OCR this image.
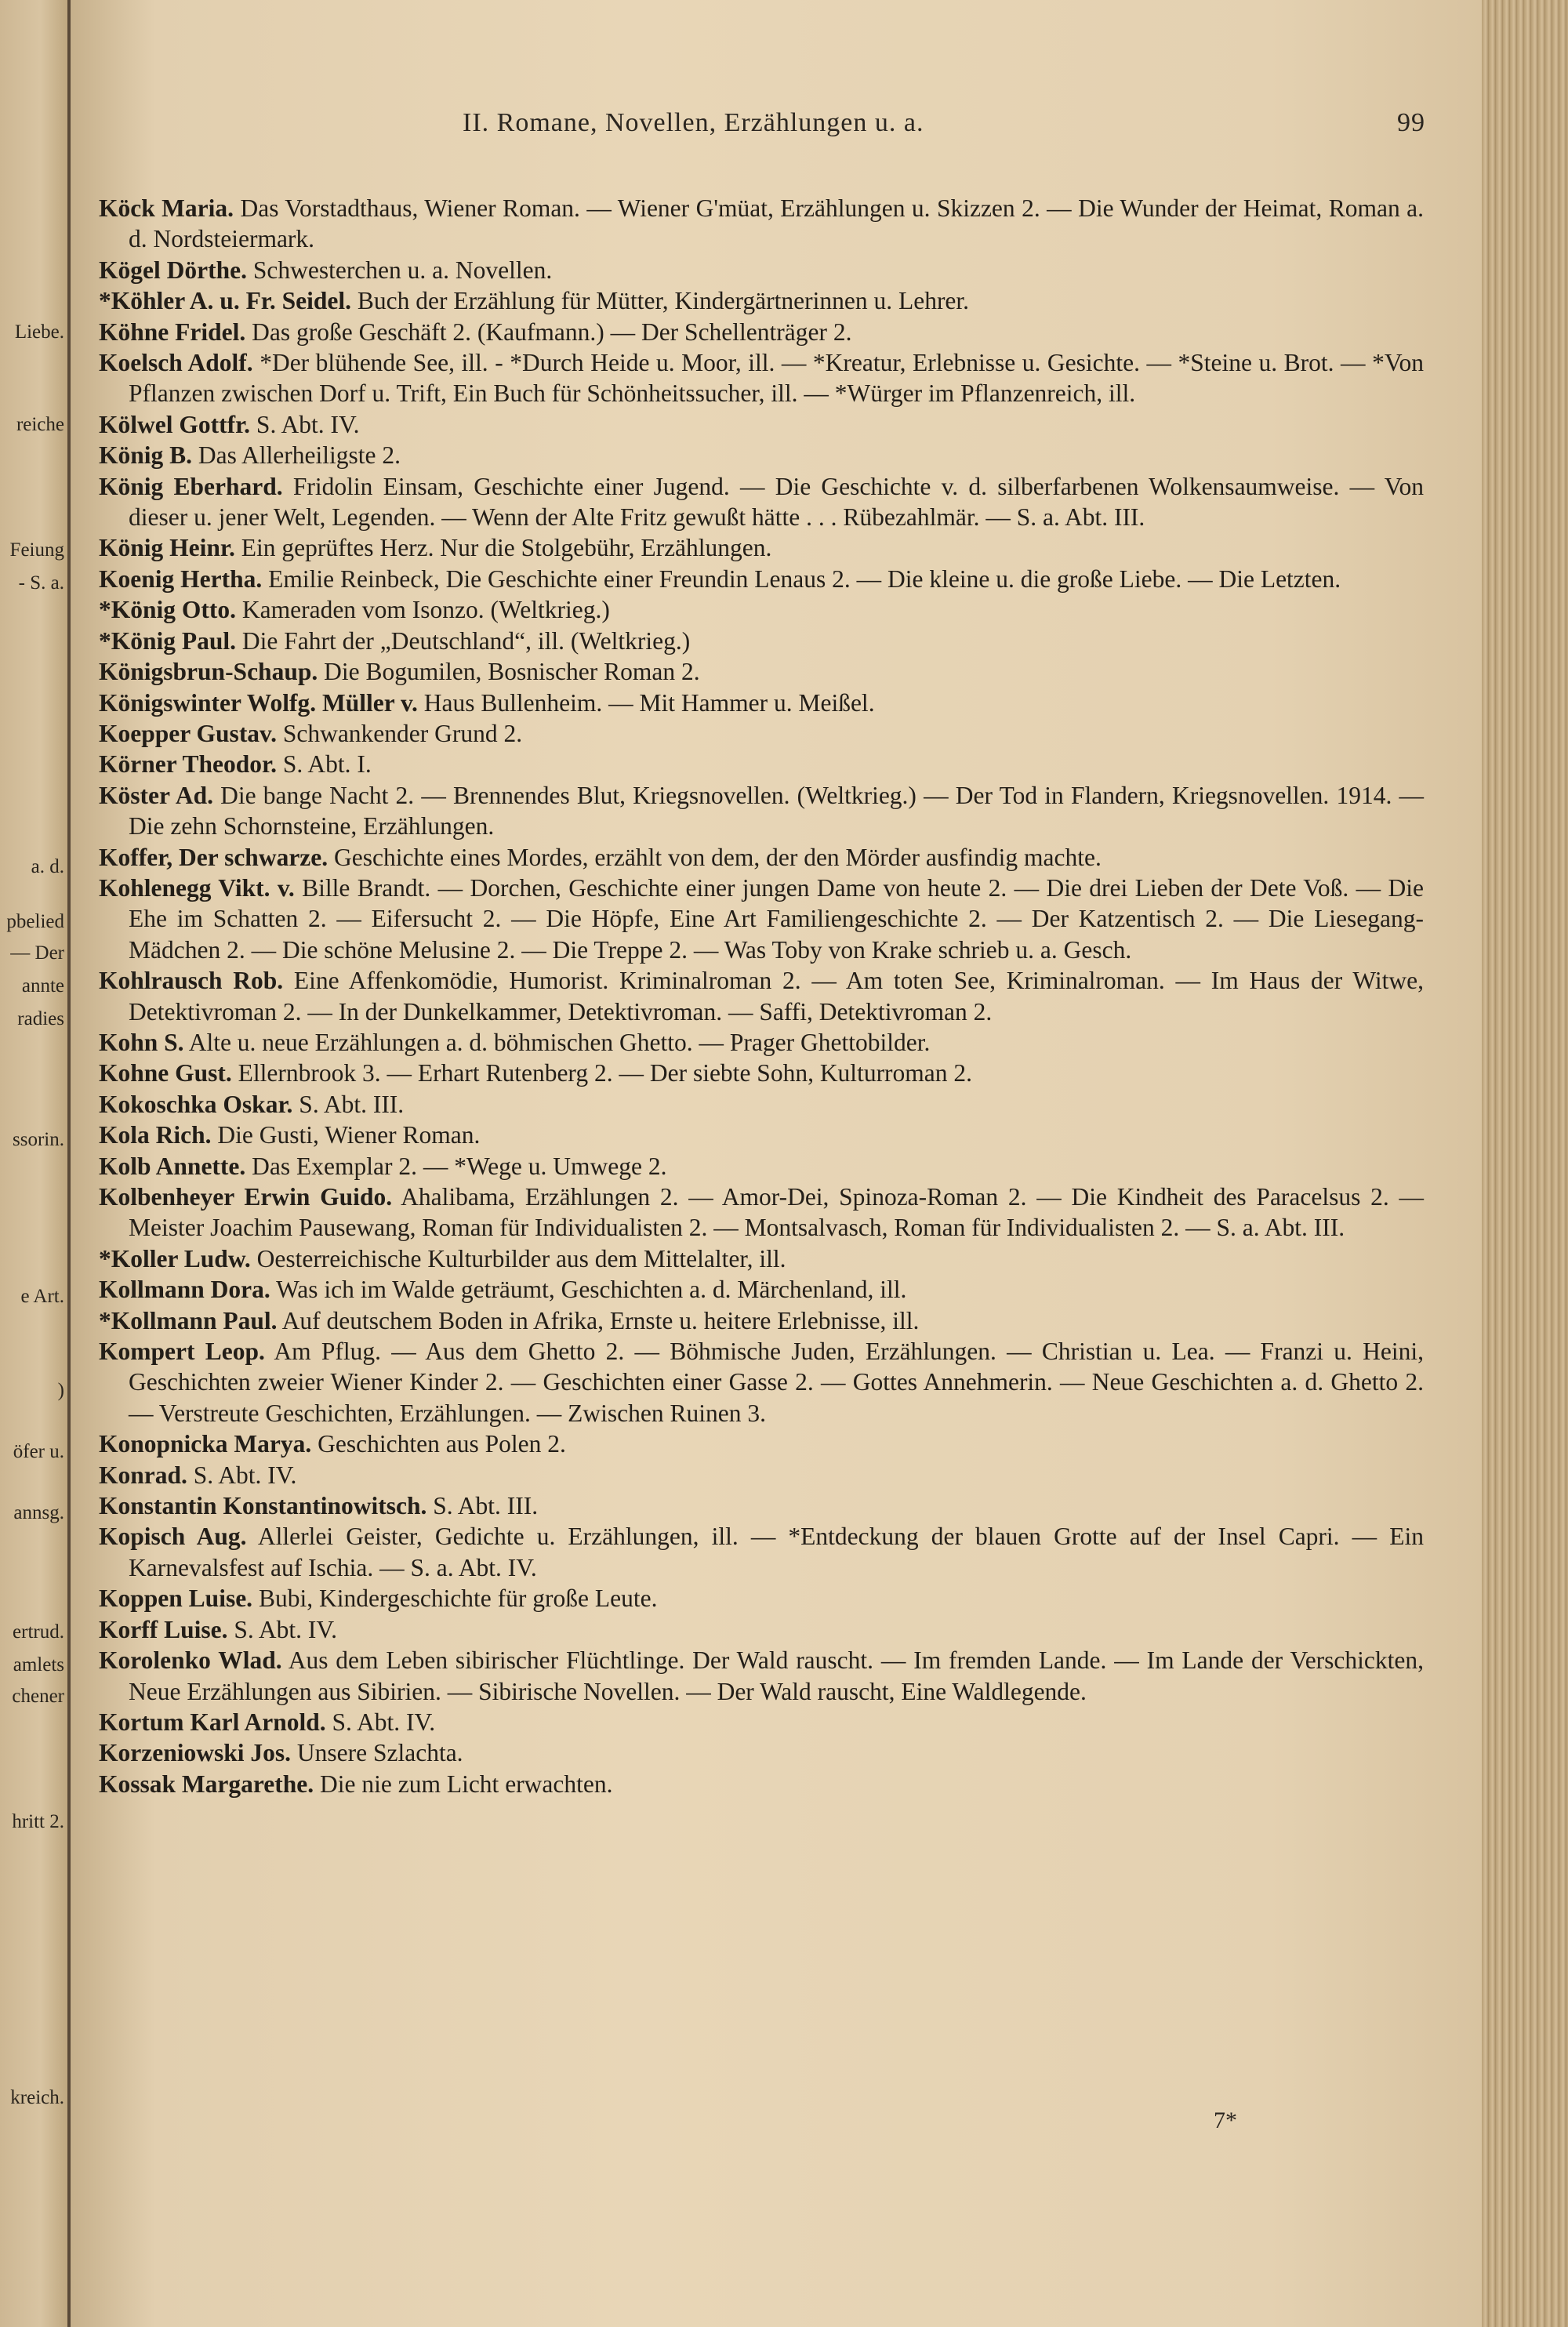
Liebe.
reiche
Feiung
- S. a.
a. d.
pbelied
— Der
annte
radies
ssorin.
e Art.
)
öfer u.
annsg.
ertrud.
amlets
chener
hritt 2.
kreich.
II. Romane, Novellen, Erzählungen u. a.	99
Köck Maria. Das Vorstadthaus, Wiener Roman. — Wiener G'müat, Erzählungen u. Skizzen 2. — Die Wunder der Heimat, Roman a. d. Nordsteiermark.
Kögel Dörthe. Schwesterchen u. a. Novellen.
*Köhler A. u. Fr. Seidel. Buch der Erzählung für Mütter, Kindergärtnerinnen u. Lehrer.
Köhne Fridel. Das große Geschäft 2. (Kaufmann.) — Der Schellenträger 2.
Koelsch Adolf. *Der blühende See, ill. - *Durch Heide u. Moor, ill. — *Kreatur, Erlebnisse u. Gesichte. — *Steine u. Brot. — *Von Pflanzen zwischen Dorf u. Trift, Ein Buch für Schönheitssucher, ill. — *Würger im Pflanzenreich, ill.
Kölwel Gottfr. S. Abt. IV.
König B. Das Allerheiligste 2.
König Eberhard. Fridolin Einsam, Geschichte einer Jugend. — Die Geschichte v. d. silberfarbenen Wolkensaumweise. — Von dieser u. jener Welt, Legenden. — Wenn der Alte Fritz gewußt hätte . . . Rübezahlmär. — S. a. Abt. III.
König Heinr. Ein geprüftes Herz. Nur die Stolgebühr, Erzählungen.
Koenig Hertha. Emilie Reinbeck, Die Geschichte einer Freundin Lenaus 2. — Die kleine u. die große Liebe. — Die Letzten.
*König Otto. Kameraden vom Isonzo. (Weltkrieg.)
*König Paul. Die Fahrt der „Deutschland“, ill. (Weltkrieg.)
Königsbrun-Schaup. Die Bogumilen, Bosnischer Roman 2.
Königswinter Wolfg. Müller v. Haus Bullenheim. — Mit Hammer u. Meißel.
Koepper Gustav. Schwankender Grund 2.
Körner Theodor. S. Abt. I.
Köster Ad. Die bange Nacht 2. — Brennendes Blut, Kriegsnovellen. (Weltkrieg.) — Der Tod in Flandern, Kriegsnovellen. 1914. — Die zehn Schornsteine, Erzählungen.
Koffer, Der schwarze. Geschichte eines Mordes, erzählt von dem, der den Mörder ausfindig machte.
Kohlenegg Vikt. v. Bille Brandt. — Dorchen, Geschichte einer jungen Dame von heute 2. — Die drei Lieben der Dete Voß. — Die Ehe im Schatten 2. — Eifersucht 2. — Die Höpfe, Eine Art Familiengeschichte 2. — Der Katzentisch 2. — Die Liesegang-Mädchen 2. — Die schöne Melusine 2. — Die Treppe 2. — Was Toby von Krake schrieb u. a. Gesch.
Kohlrausch Rob. Eine Affenkomödie, Humorist. Kriminalroman 2. — Am toten See, Kriminalroman. — Im Haus der Witwe, Detektivroman 2. — In der Dunkelkammer, Detektivroman. — Saffi, Detektivroman 2.
Kohn S. Alte u. neue Erzählungen a. d. böhmischen Ghetto. — Prager Ghettobilder.
Kohne Gust. Ellernbrook 3. — Erhart Rutenberg 2. — Der siebte Sohn, Kulturroman 2.
Kokoschka Oskar. S. Abt. III.
Kola Rich. Die Gusti, Wiener Roman.
Kolb Annette. Das Exemplar 2. — *Wege u. Umwege 2.
Kolbenheyer Erwin Guido. Ahalibama, Erzählungen 2. — Amor-Dei, Spinoza-Roman 2. — Die Kindheit des Paracelsus 2. — Meister Joachim Pausewang, Roman für Individualisten 2. — Montsalvasch, Roman für Individualisten 2. — S. a. Abt. III.
*Koller Ludw. Oesterreichische Kulturbilder aus dem Mittelalter, ill.
Kollmann Dora. Was ich im Walde geträumt, Geschichten a. d. Märchenland, ill.
*Kollmann Paul. Auf deutschem Boden in Afrika, Ernste u. heitere Erlebnisse, ill.
Kompert Leop. Am Pflug. — Aus dem Ghetto 2. — Böhmische Juden, Erzählungen. — Christian u. Lea. — Franzi u. Heini, Geschichten zweier Wiener Kinder 2. — Geschichten einer Gasse 2. — Gottes Annehmerin. — Neue Geschichten a. d. Ghetto 2. — Verstreute Geschichten, Erzählungen. — Zwischen Ruinen 3.
Konopnicka Marya. Geschichten aus Polen 2.
Konrad. S. Abt. IV.
Konstantin Konstantinowitsch. S. Abt. III.
Kopisch Aug. Allerlei Geister, Gedichte u. Erzählungen, ill. — *Entdeckung der blauen Grotte auf der Insel Capri. — Ein Karnevalsfest auf Ischia. — S. a. Abt. IV.
Koppen Luise. Bubi, Kindergeschichte für große Leute.
Korff Luise. S. Abt. IV.
Korolenko Wlad. Aus dem Leben sibirischer Flüchtlinge. Der Wald rauscht. — Im fremden Lande. — Im Lande der Verschickten, Neue Erzählungen aus Sibirien. — Sibirische Novellen. — Der Wald rauscht, Eine Waldlegende.
Kortum Karl Arnold. S. Abt. IV.
Korzeniowski Jos. Unsere Szlachta.
Kossak Margarethe. Die nie zum Licht erwachten.
7*
